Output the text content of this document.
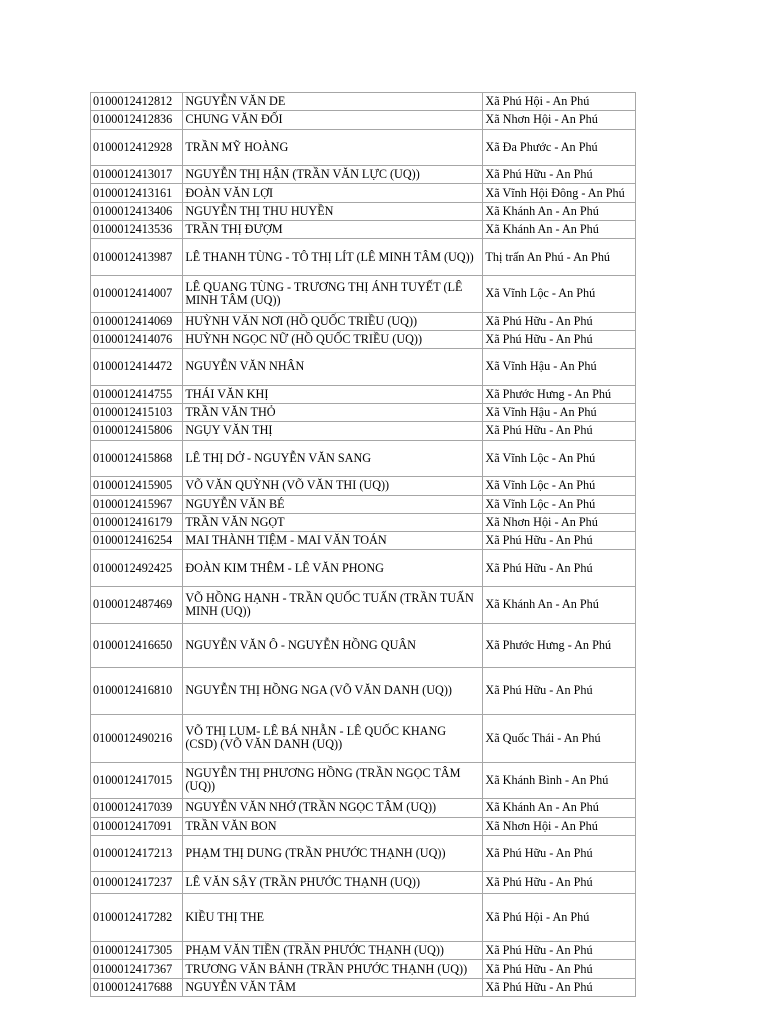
0100012412812	NGUYỄN VĂN DE	Xã Phú Hội - An Phú
0100012412836	CHUNG VĂN ĐỐI	Xã Nhơn Hội - An Phú
0100012412928	TRẦN MỸ HOÀNG	Xã Đa Phước - An Phú
0100012413017	NGUYỄN THỊ HẬN (TRẦN VĂN LỰC (UQ))	Xã Phú Hữu - An Phú
0100012413161	ĐOÀN VĂN LỢI	Xã Vĩnh Hội Đông - An Phú
0100012413406	NGUYỄN THỊ THU HUYỀN	Xã Khánh An - An Phú
0100012413536	TRẦN THỊ ĐƯỢM	Xã Khánh An - An Phú
0100012413987	LÊ THANH TÙNG - TÔ THỊ LÍT (LÊ MINH TÂM (UQ))	Thị trấn An Phú - An Phú
0100012414007	LÊ QUANG TÙNG - TRƯƠNG THỊ ÁNH TUYẾT (LÊ MINH TÂM (UQ))	Xã Vĩnh Lộc - An Phú
0100012414069	HUỲNH VĂN NƠI (HỒ QUỐC TRIỀU (UQ))	Xã Phú Hữu - An Phú
0100012414076	HUỲNH NGỌC NỮ (HỒ QUỐC TRIỀU (UQ))	Xã Phú Hữu - An Phú
0100012414472	NGUYỄN VĂN NHÂN	Xã Vĩnh Hậu - An Phú
0100012414755	THÁI VĂN KHỊ	Xã Phước Hưng - An Phú
0100012415103	TRẦN VĂN THỎ	Xã Vĩnh Hậu - An Phú
0100012415806	NGỤY VĂN THỊ	Xã Phú Hữu - An Phú
0100012415868	LÊ THỊ DỞ - NGUYỄN VĂN SANG	Xã Vĩnh Lộc - An Phú
0100012415905	VÕ VĂN QUỲNH (VÕ VĂN THI (UQ))	Xã Vĩnh Lộc - An Phú
0100012415967	NGUYỄN VĂN BÉ	Xã Vĩnh Lộc - An Phú
0100012416179	TRẦN VĂN NGỌT	Xã Nhơn Hội - An Phú
0100012416254	MAI THÀNH TIỆM - MAI VĂN TOÁN	Xã Phú Hữu - An Phú
0100012492425	ĐOÀN KIM THÊM - LÊ VĂN PHONG	Xã Phú Hữu - An Phú
0100012487469	VÕ HỒNG HẠNH - TRẦN QUỐC TUẤN (TRẦN TUẤN MINH (UQ))	Xã Khánh An - An Phú
0100012416650	NGUYỄN VĂN Ô - NGUYỄN HỒNG QUÂN	Xã Phước Hưng - An Phú
0100012416810	NGUYỄN THỊ HỒNG NGA (VÕ VĂN DANH (UQ))	Xã Phú Hữu - An Phú
0100012490216	VÕ THỊ LUM- LÊ BÁ NHẪN - LÊ QUỐC KHANG (CSD) (VÕ VĂN DANH (UQ))	Xã Quốc Thái - An Phú
0100012417015	NGUYỄN THỊ PHƯƠNG HỒNG (TRẦN NGỌC TÂM (UQ))	Xã Khánh Bình - An Phú
0100012417039	NGUYỄN VĂN NHỚ (TRẦN NGỌC TÂM (UQ))	Xã Khánh An - An Phú
0100012417091	TRẦN VĂN BON	Xã Nhơn Hội - An Phú
0100012417213	PHẠM THỊ DUNG (TRẦN PHƯỚC THẠNH (UQ))	Xã Phú Hữu - An Phú
0100012417237	LÊ VĂN SẬY (TRẦN PHƯỚC THẠNH (UQ))	Xã Phú Hữu - An Phú
0100012417282	KIỀU THỊ THE	Xã Phú Hội - An Phú
0100012417305	PHẠM VĂN TIỀN (TRẦN PHƯỚC THẠNH (UQ))	Xã Phú Hữu - An Phú
0100012417367	TRƯƠNG VĂN BẢNH (TRẦN PHƯỚC THẠNH (UQ))	Xã Phú Hữu - An Phú
0100012417688	NGUYỄN VĂN TÂM	Xã Phú Hữu - An Phú
